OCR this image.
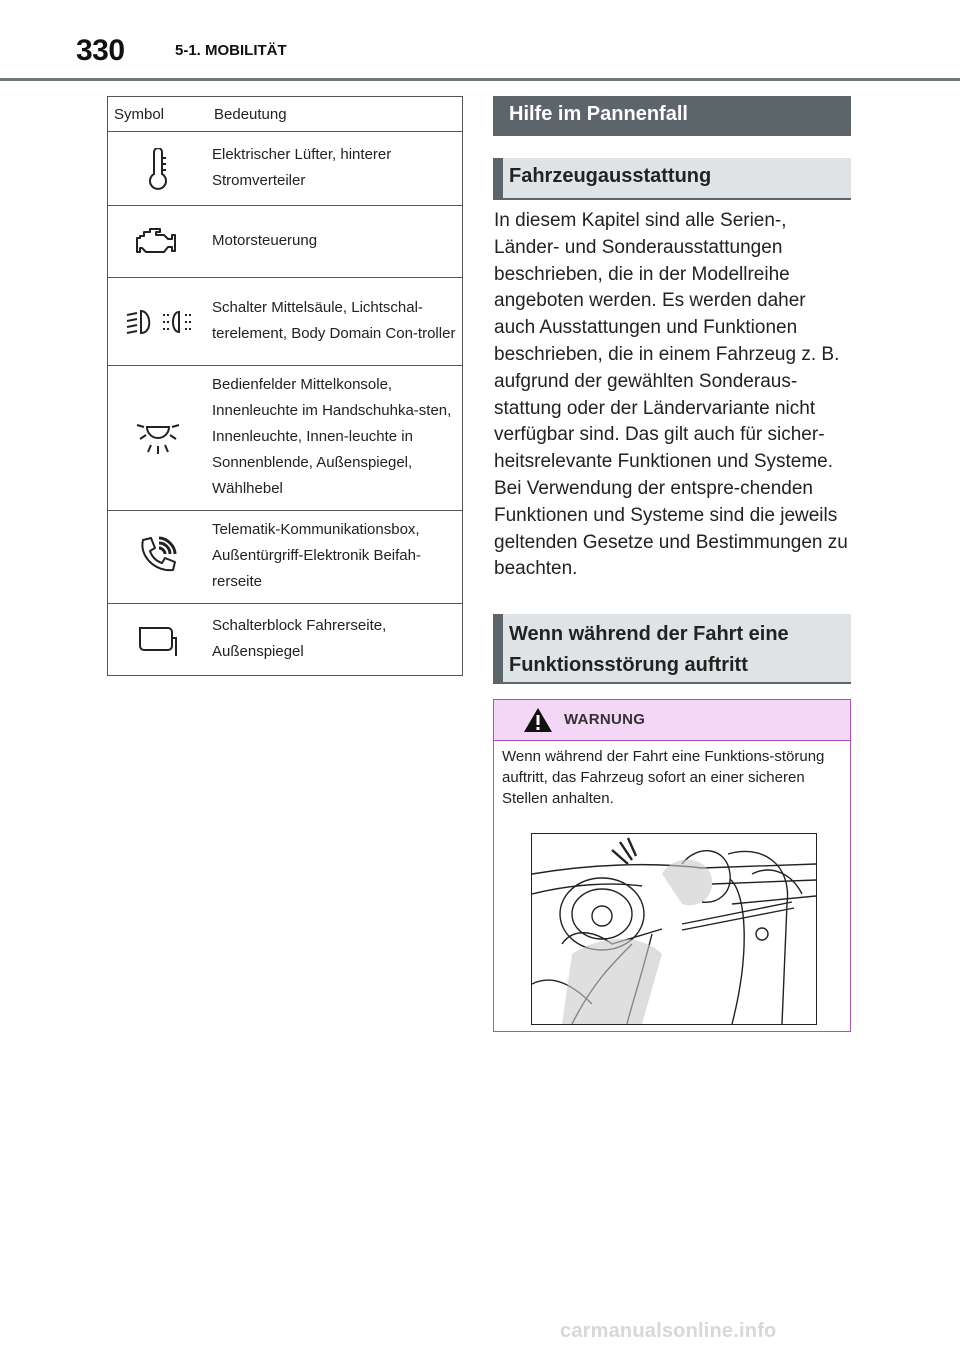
330	5-1. MOBILITÄT
Symbol	Bedeutung
	Elektrischer Lüfter, hinterer Stromverteiler
	Motorsteuerung
	Schalter Mittelsäule, Lichtschal-terelement, Body Domain Con-troller
	Bedienfelder Mittelkonsole, Innenleuchte im Handschuhka-sten, Innenleuchte, Innen-leuchte in Sonnenblende, Außenspiegel, Wählhebel
	Telematik-Kommunikationsbox, Außentürgriff-Elektronik Beifah-rerseite
	Schalterblock Fahrerseite, Außenspiegel
Hilfe im Pannenfall
Fahrzeugausstattung
In diesem Kapitel sind alle Serien-, Länder- und Sonderausstattungen beschrieben, die in der Modellreihe angeboten werden. Es werden daher auch Ausstattungen und Funktionen beschrieben, die in einem Fahrzeug z. B. aufgrund der gewählten Sonderaus-stattung oder der Ländervariante nicht verfügbar sind. Das gilt auch für sicher-heitsrelevante Funktionen und Systeme. Bei Verwendung der entspre-chenden Funktionen und Systeme sind die jeweils geltenden Gesetze und Bestimmungen zu beachten.
Wenn während der Fahrt eine Funktionsstörung auftritt
WARNUNG
Wenn während der Fahrt eine Funktions-störung auftritt, das Fahrzeug sofort an einer sicheren Stellen anhalten.
carmanualsonline.info
